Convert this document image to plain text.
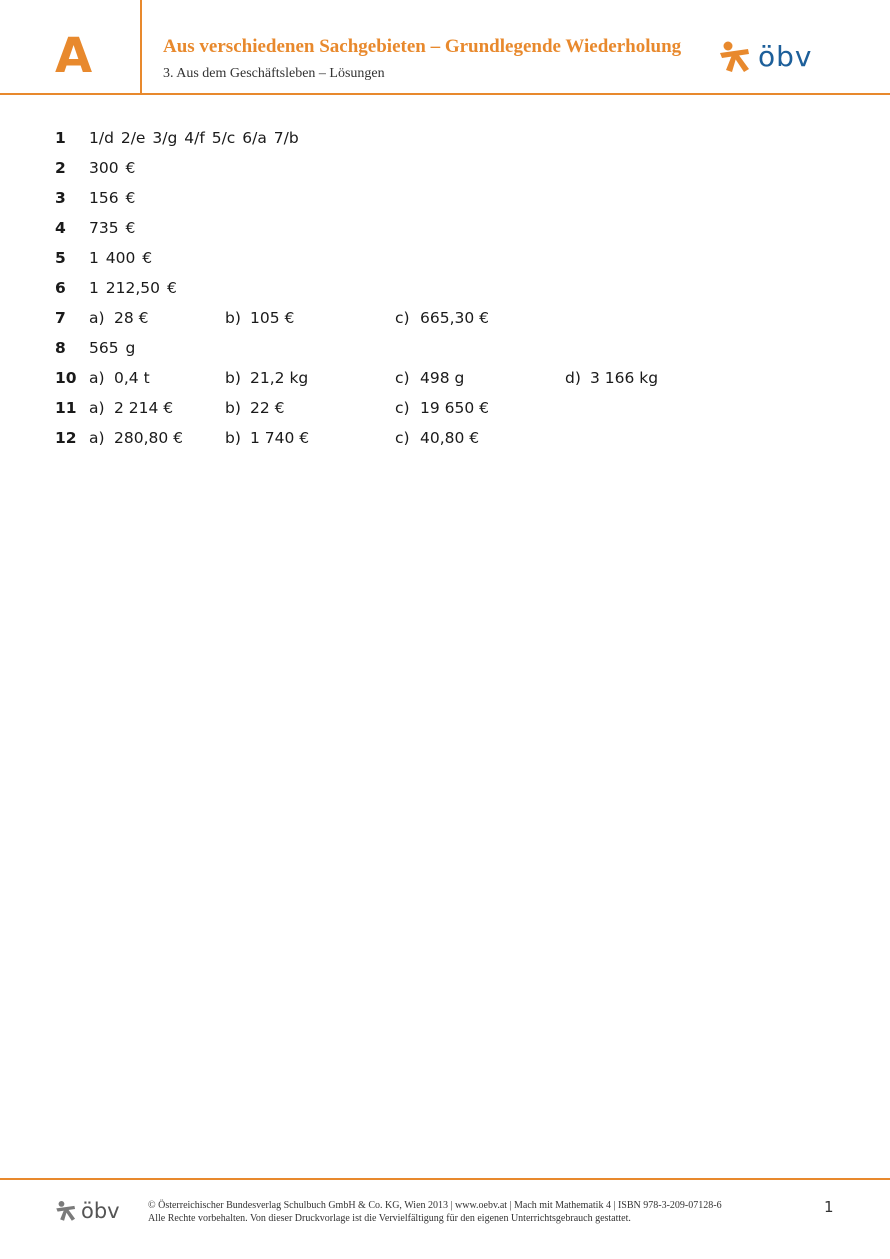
A	Aus verschiedenen Sachgebieten – Grundlegende Wiederholung
3. Aus dem Geschäftsleben – Lösungen
öbv
1 1/d 2/e 3/g 4/f 5/c 6/a 7/b
2 300 €
3 156 €
4 735 €
5 1 400 €
6 1 212,50 €
7 a) 28 €	b) 105 €	c) 665,30 €
8 565 g
10 a) 0,4 t	b) 21,2 kg	c) 498 g	d) 3 166 kg
11 a) 2 214 €	b) 22 €	c) 19 650 €
12 a) 280,80 €	b) 1 740 €	c) 40,80 €
öbv	© Österreichischer Bundesverlag Schulbuch GmbH & Co. KG, Wien 2013 | www.oebv.at | Mach mit Mathematik 4 | ISBN 978-3-209-07128-6
Alle Rechte vorbehalten. Von dieser Druckvorlage ist die Vervielfältigung für den eigenen Unterrichtsgebrauch gestattet.
1
